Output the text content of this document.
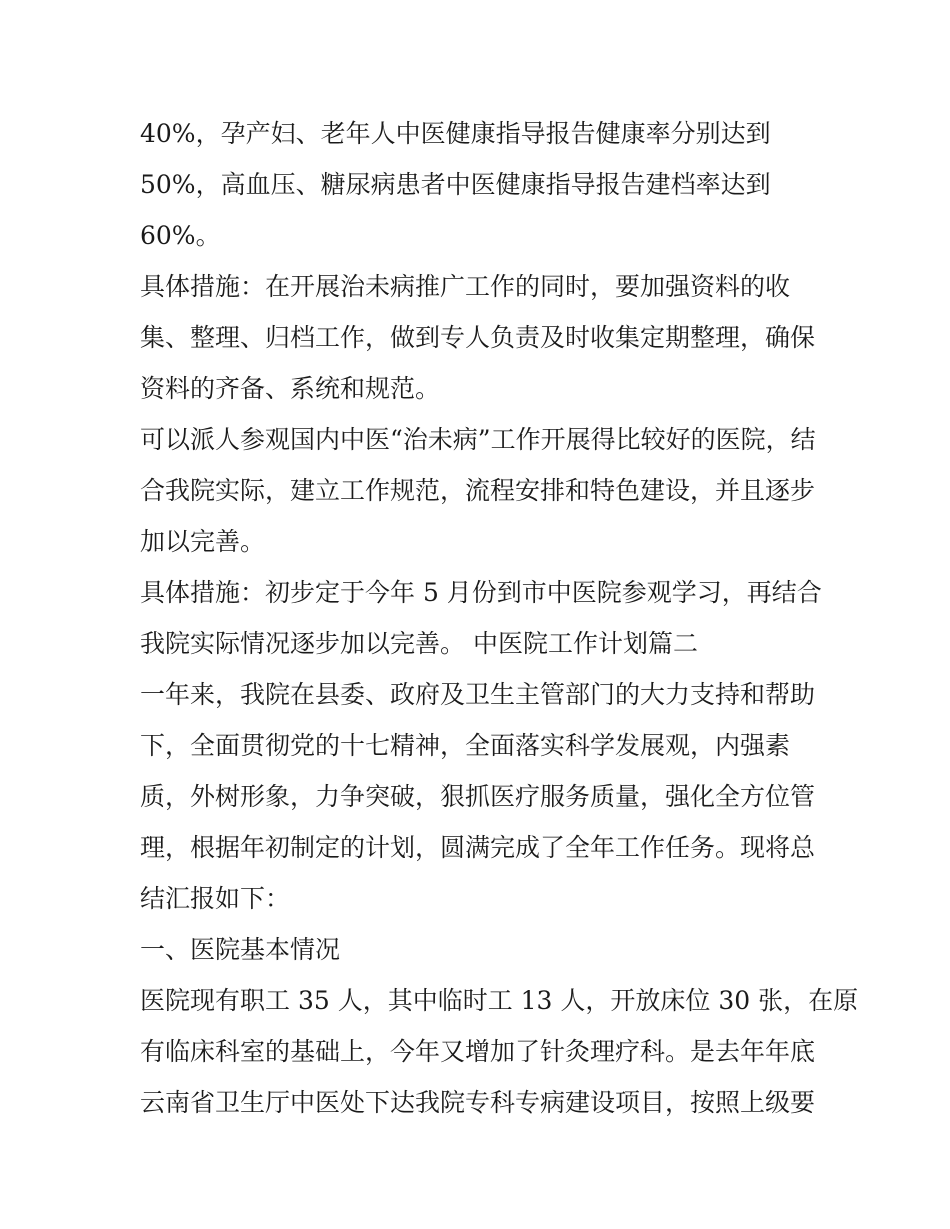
40%，孕产妇、老年人中医健康指导报告健康率分别达到
50%，高血压、糖尿病患者中医健康指导报告建档率达到
60%。
具体措施：在开展治未病推广工作的同时，要加强资料的收
集、整理、归档工作，做到专人负责及时收集定期整理，确保
资料的齐备、系统和规范。
可以派人参观国内中医“治未病”工作开展得比较好的医院，结
合我院实际，建立工作规范，流程安排和特色建设，并且逐步
加以完善。
具体措施：初步定于今年 5 月份到市中医院参观学习，再结合
我院实际情况逐步加以完善。 中医院工作计划篇二
一年来，我院在县委、政府及卫生主管部门的大力支持和帮助
下，全面贯彻党的十七精神，全面落实科学发展观，内强素
质，外树形象，力争突破，狠抓医疗服务质量，强化全方位管
理，根据年初制定的计划，圆满完成了全年工作任务。现将总
结汇报如下：
一、医院基本情况
医院现有职工 35 人，其中临时工 13 人，开放床位 30 张，在原
有临床科室的基础上，今年又增加了针灸理疗科。是去年年底
云南省卫生厅中医处下达我院专科专病建设项目，按照上级要
